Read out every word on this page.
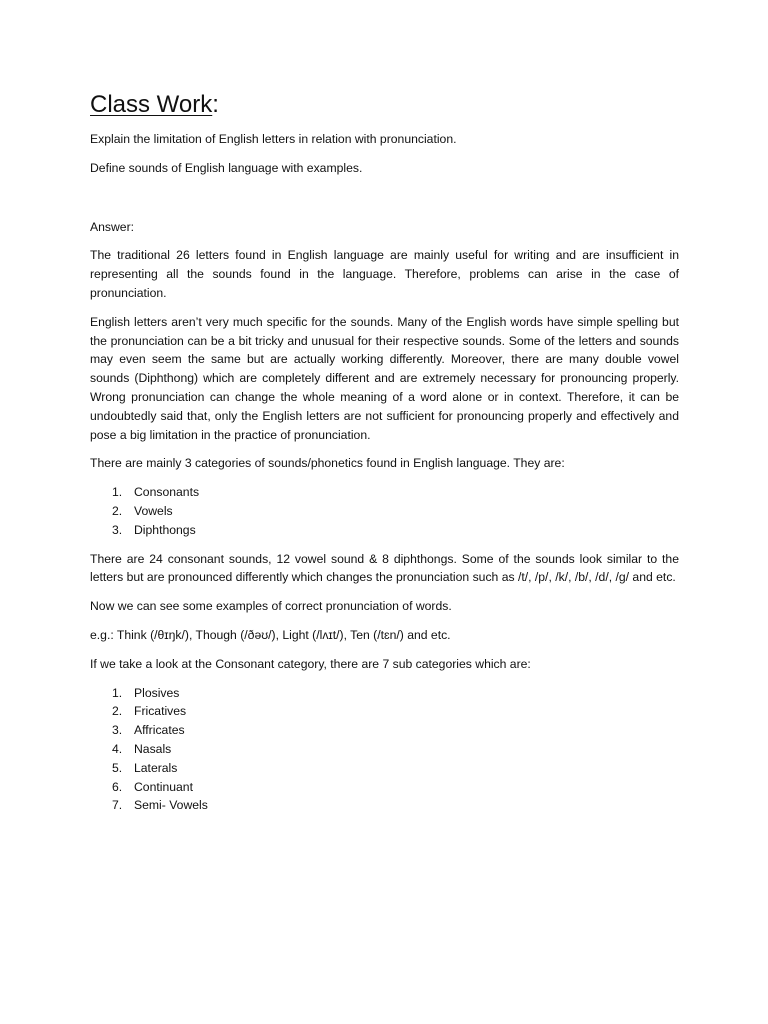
Class Work:

Explain the limitation of English letters in relation with pronunciation.

Define sounds of English language with examples.

Answer:

The traditional 26 letters found in English language are mainly useful for writing and are insufficient in representing all the sounds found in the language. Therefore, problems can arise in the case of pronunciation.

English letters aren’t very much specific for the sounds. Many of the English words have simple spelling but the pronunciation can be a bit tricky and unusual for their respective sounds. Some of the letters and sounds may even seem the same but are actually working differently. Moreover, there are many double vowel sounds (Diphthong) which are completely different and are extremely necessary for pronouncing properly. Wrong pronunciation can change the whole meaning of a word alone or in context. Therefore, it can be undoubtedly said that, only the English letters are not sufficient for pronouncing properly and effectively and pose a big limitation in the practice of pronunciation.

There are mainly 3 categories of sounds/phonetics found in English language. They are:

1. Consonants
2. Vowels
3. Diphthongs

There are 24 consonant sounds, 12 vowel sound & 8 diphthongs. Some of the sounds look similar to the letters but are pronounced differently which changes the pronunciation such as /t/, /p/, /k/, /b/, /d/, /g/ and etc.

Now we can see some examples of correct pronunciation of words.

e.g.: Think (/θɪŋk/), Though (/ðəʊ/), Light (/lʌɪt/), Ten (/tɛn/) and etc.

If we take a look at the Consonant category, there are 7 sub categories which are:

1. Plosives
2. Fricatives
3. Affricates
4. Nasals
5. Laterals
6. Continuant
7. Semi- Vowels
